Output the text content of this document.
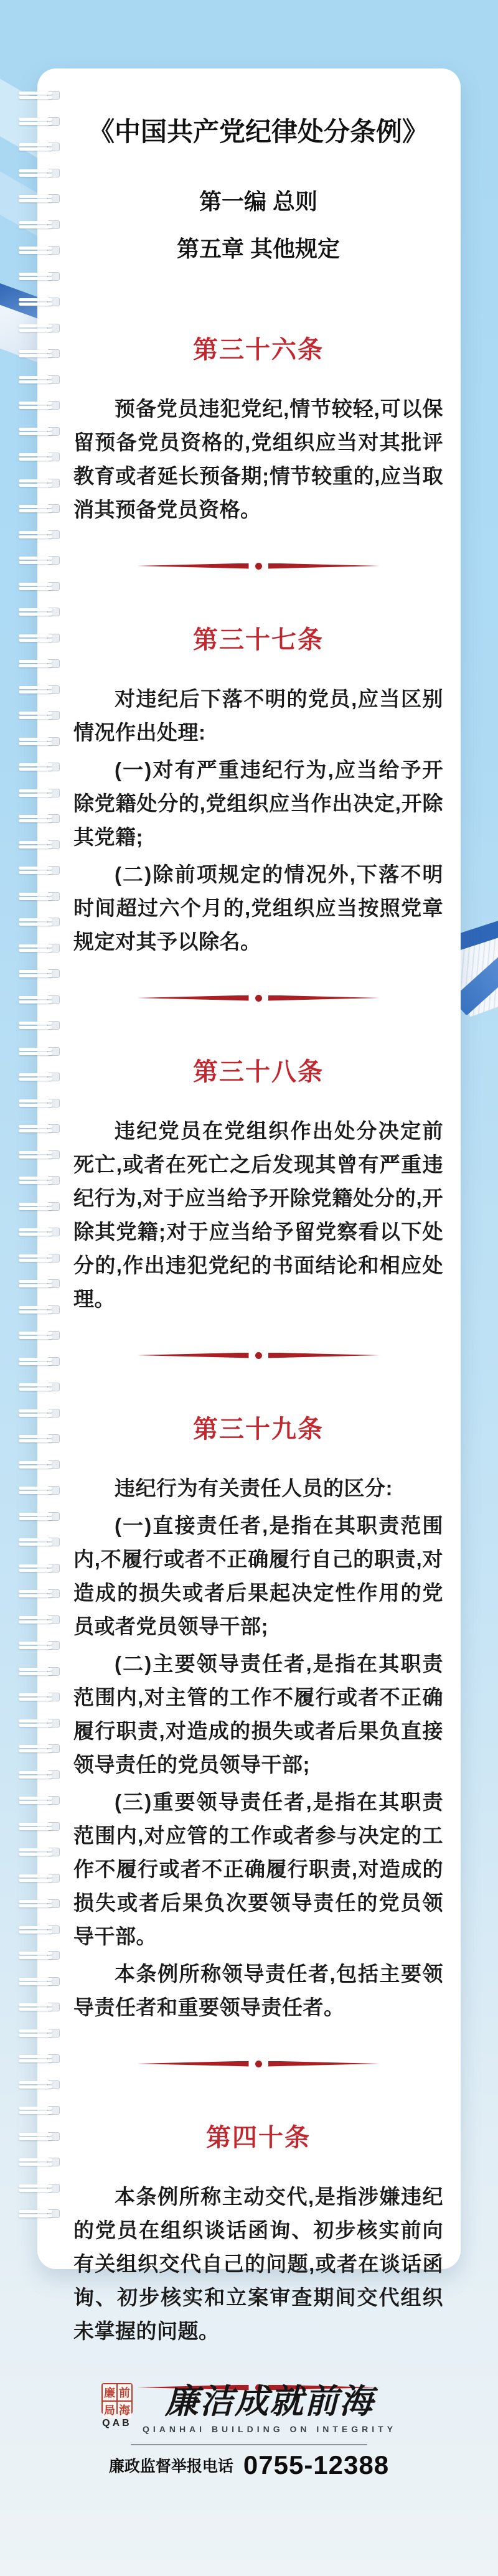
《中国共产党纪律处分条例》
第一编 总则
第五章 其他规定
第三十六条

预备党员违犯党纪,情节较轻,可以保留预备党员资格的,党组织应当对其批评教育或者延长预备期;情节较重的,应当取消其预备党员资格。

第三十七条

对违纪后下落不明的党员,应当区别情况作出处理:

(一)对有严重违纪行为,应当给予开除党籍处分的,党组织应当作出决定,开除其党籍;

(二)除前项规定的情况外,下落不明时间超过六个月的,党组织应当按照党章规定对其予以除名。

第三十八条

违纪党员在党组织作出处分决定前死亡,或者在死亡之后发现其曾有严重违纪行为,对于应当给予开除党籍处分的,开除其党籍;对于应当给予留党察看以下处分的,作出违犯党纪的书面结论和相应处理。

第三十九条

违纪行为有关责任人员的区分:

(一)直接责任者,是指在其职责范围内,不履行或者不正确履行自己的职责,对造成的损失或者后果起决定性作用的党员或者党员领导干部;

(二)主要领导责任者,是指在其职责范围内,对主管的工作不履行或者不正确履行职责,对造成的损失或者后果负直接领导责任的党员领导干部;

(三)重要领导责任者,是指在其职责范围内,对应管的工作或者参与决定的工作不履行或者不正确履行职责,对造成的损失或者后果负次要领导责任的党员领导干部。

本条例所称领导责任者,包括主要领导责任者和重要领导责任者。

第四十条

本条例所称主动交代,是指涉嫌违纪的党员在组织谈话函询、初步核实前向有关组织交代自己的问题,或者在谈话函询、初步核实和立案审查期间交代组织未掌握的问题。

廉 前
局 海
QAB
廉洁成就前海
QIANHAI BUILDING ON INTEGRITY
廉政监督举报电话 0755-12388
